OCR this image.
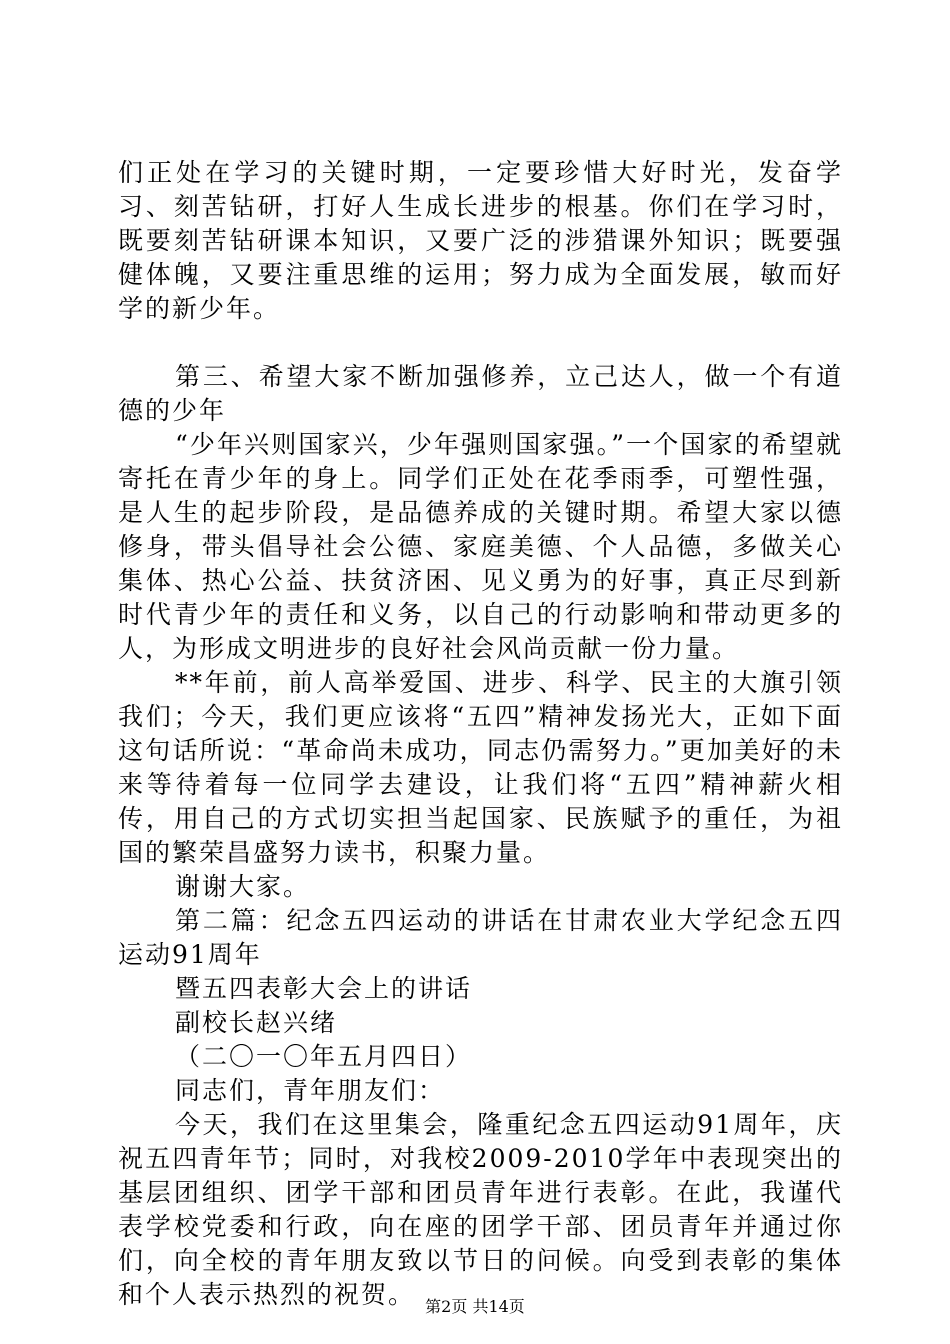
们正处在学习的关键时期，一定要珍惜大好时光，发奋学习、刻苦钻研，打好人生成长进步的根基。你们在学习时，既要刻苦钻研课本知识，又要广泛的涉猎课外知识；既要强健体魄，又要注重思维的运用；努力成为全面发展，敏而好学的新少年。

第三、希望大家不断加强修养，立己达人，做一个有道德的少年

“少年兴则国家兴，少年强则国家强。”一个国家的希望就寄托在青少年的身上。同学们正处在花季雨季，可塑性强，是人生的起步阶段，是品德养成的关键时期。希望大家以德修身，带头倡导社会公德、家庭美德、个人品德，多做关心集体、热心公益、扶贫济困、见义勇为的好事，真正尽到新时代青少年的责任和义务，以自己的行动影响和带动更多的人，为形成文明进步的良好社会风尚贡献一份力量。

**年前，前人高举爱国、进步、科学、民主的大旗引领我们；今天，我们更应该将“五四”精神发扬光大，正如下面这句话所说：“革命尚未成功，同志仍需努力。”更加美好的未来等待着每一位同学去建设，让我们将“五四”精神薪火相传，用自己的方式切实担当起国家、民族赋予的重任，为祖国的繁荣昌盛努力读书，积聚力量。

谢谢大家。

第二篇：纪念五四运动的讲话在甘肃农业大学纪念五四运动91周年

暨五四表彰大会上的讲话

副校长赵兴绪

（二〇一〇年五月四日）

同志们，青年朋友们：

今天，我们在这里集会，隆重纪念五四运动91周年，庆祝五四青年节；同时，对我校2009-2010学年中表现突出的基层团组织、团学干部和团员青年进行表彰。在此，我谨代表学校党委和行政，向在座的团学干部、团员青年并通过你们，向全校的青年朋友致以节日的问候。向受到表彰的集体和个人表示热烈的祝贺。 第2页 共14页
